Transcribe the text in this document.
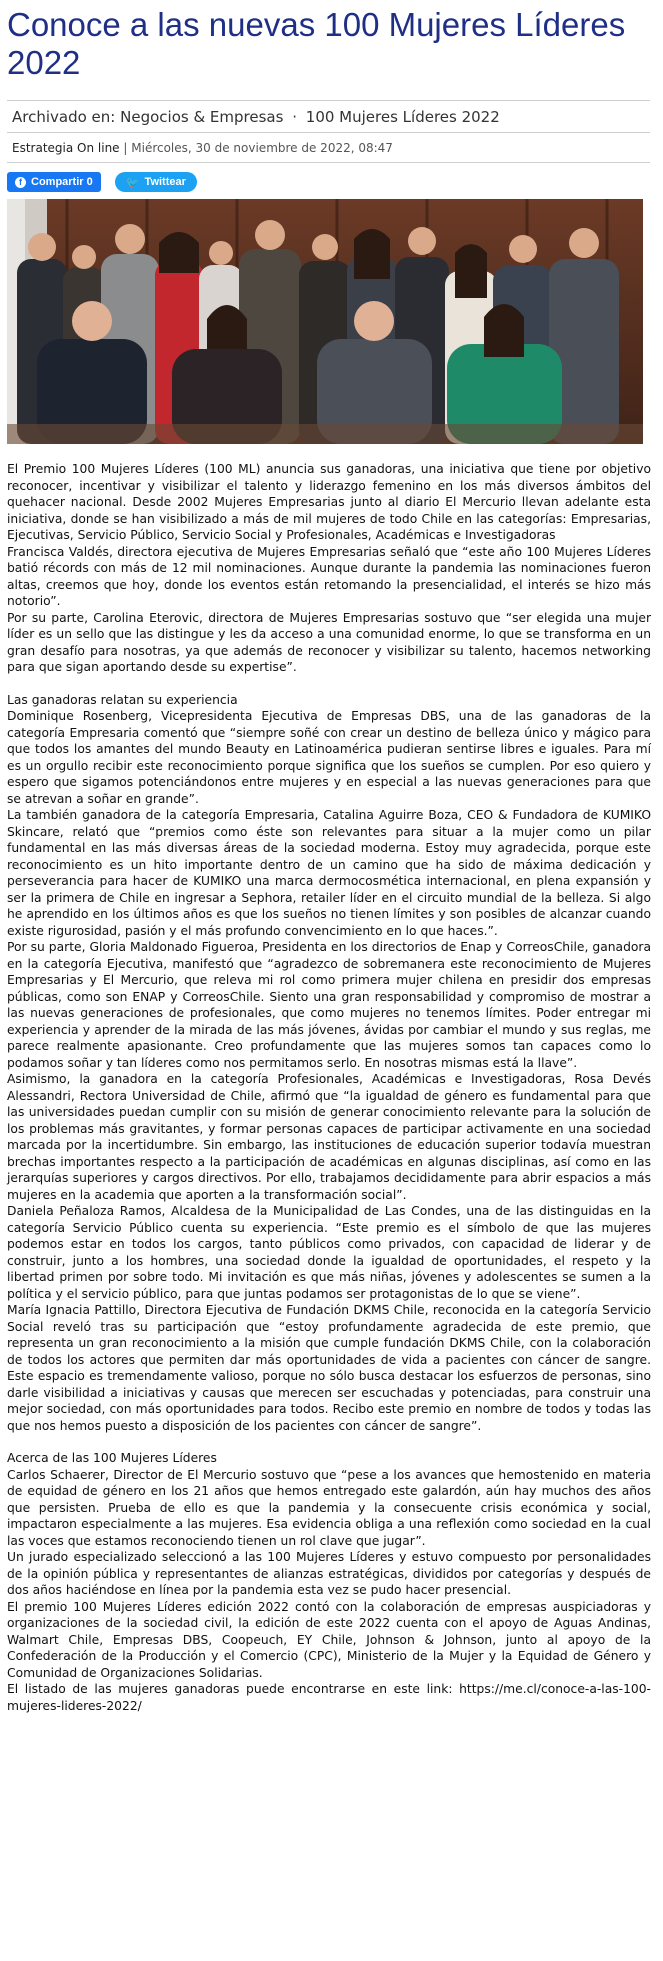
Conoce a las nuevas 100 Mujeres Líderes 2022
Archivado en: Negocios & Empresas · 100 Mujeres Líderes 2022
Estrategia On line | Miércoles, 30 de noviembre de 2022, 08:47
f Compartir 0
	🐦 Twittear

El Premio 100 Mujeres Líderes (100 ML) anuncia sus ganadoras, una iniciativa que tiene por objetivo reconocer, incentivar y visibilizar el talento y liderazgo femenino en los más diversos ámbitos del quehacer nacional. Desde 2002 Mujeres Empresarias junto al diario El Mercurio llevan adelante esta iniciativa, donde se han visibilizado a más de mil mujeres de todo Chile en las categorías: Empresarias, Ejecutivas, Servicio Público, Servicio Social y Profesionales, Académicas e Investigadoras

Francisca Valdés, directora ejecutiva de Mujeres Empresarias señaló que “este año 100 Mujeres Líderes batió récords con más de 12 mil nominaciones. Aunque durante la pandemia las nominaciones fueron altas, creemos que hoy, donde los eventos están retomando la presencialidad, el interés se hizo más notorio”.

Por su parte, Carolina Eterovic, directora de Mujeres Empresarias sostuvo que “ser elegida una mujer líder es un sello que las distingue y les da acceso a una comunidad enorme, lo que se transforma en un gran desafío para nosotras, ya que además de reconocer y visibilizar su talento, hacemos networking para que sigan aportando desde su expertise”.

Las ganadoras relatan su experiencia

Dominique Rosenberg, Vicepresidenta Ejecutiva de Empresas DBS, una de las ganadoras de la categoría Empresaria comentó que “siempre soñé con crear un destino de belleza único y mágico para que todos los amantes del mundo Beauty en Latinoamérica pudieran sentirse libres e iguales. Para mí es un orgullo recibir este reconocimiento porque significa que los sueños se cumplen. Por eso quiero y espero que sigamos potenciándonos entre mujeres y en especial a las nuevas generaciones para que se atrevan a soñar en grande”.

La también ganadora de la categoría Empresaria, Catalina Aguirre Boza, CEO & Fundadora de KUMIKO Skincare, relató que “premios como éste son relevantes para situar a la mujer como un pilar fundamental en las más diversas áreas de la sociedad moderna. Estoy muy agradecida, porque este reconocimiento es un hito importante dentro de un camino que ha sido de máxima dedicación y perseverancia para hacer de KUMIKO una marca dermocosmética internacional, en plena expansión y ser la primera de Chile en ingresar a Sephora, retailer líder en el circuito mundial de la belleza. Si algo he aprendido en los últimos años es que los sueños no tienen límites y son posibles de alcanzar cuando existe rigurosidad, pasión y el más profundo convencimiento en lo que haces.”.

Por su parte, Gloria Maldonado Figueroa, Presidenta en los directorios de Enap y CorreosChile, ganadora en la categoría Ejecutiva, manifestó que “agradezco de sobremanera este reconocimiento de Mujeres Empresarias y El Mercurio, que releva mi rol como primera mujer chilena en presidir dos empresas públicas, como son ENAP y CorreosChile. Siento una gran responsabilidad y compromiso de mostrar a las nuevas generaciones de profesionales, que como mujeres no tenemos límites. Poder entregar mi experiencia y aprender de la mirada de las más jóvenes, ávidas por cambiar el mundo y sus reglas, me parece realmente apasionante. Creo profundamente que las mujeres somos tan capaces como lo podamos soñar y tan líderes como nos permitamos serlo. En nosotras mismas está la llave”.

Asimismo, la ganadora en la categoría Profesionales, Académicas e Investigadoras, Rosa Devés Alessandri, Rectora Universidad de Chile, afirmó que “la igualdad de género es fundamental para que las universidades puedan cumplir con su misión de generar conocimiento relevante para la solución de los problemas más gravitantes, y formar personas capaces de participar activamente en una sociedad marcada por la incertidumbre. Sin embargo, las instituciones de educación superior todavía muestran brechas importantes respecto a la participación de académicas en algunas disciplinas, así como en las jerarquías superiores y cargos directivos. Por ello, trabajamos decididamente para abrir espacios a más mujeres en la academia que aporten a la transformación social”.

Daniela Peñaloza Ramos, Alcaldesa de la Municipalidad de Las Condes, una de las distinguidas en la categoría Servicio Público cuenta su experiencia. “Este premio es el símbolo de que las mujeres podemos estar en todos los cargos, tanto públicos como privados, con capacidad de liderar y de construir, junto a los hombres, una sociedad donde la igualdad de oportunidades, el respeto y la libertad primen por sobre todo. Mi invitación es que más niñas, jóvenes y adolescentes se sumen a la política y el servicio público, para que juntas podamos ser protagonistas de lo que se viene”.

María Ignacia Pattillo, Directora Ejecutiva de Fundación DKMS Chile, reconocida en la categoría Servicio Social reveló tras su participación que “estoy profundamente agradecida de este premio, que representa un gran reconocimiento a la misión que cumple fundación DKMS Chile, con la colaboración de todos los actores que permiten dar más oportunidades de vida a pacientes con cáncer de sangre. Este espacio es tremendamente valioso, porque no sólo busca destacar los esfuerzos de personas, sino darle visibilidad a iniciativas y causas que merecen ser escuchadas y potenciadas, para construir una mejor sociedad, con más oportunidades para todos. Recibo este premio en nombre de todos y todas las que nos hemos puesto a disposición de los pacientes con cáncer de sangre”.

Acerca de las 100 Mujeres Líderes

Carlos Schaerer, Director de El Mercurio sostuvo que “pese a los avances que hemostenido en materia de equidad de género en los 21 años que hemos entregado este galardón, aún hay muchos des años que persisten. Prueba de ello es que la pandemia y la consecuente crisis económica y social, impactaron especialmente a las mujeres. Esa evidencia obliga a una reflexión como sociedad en la cual las voces que estamos reconociendo tienen un rol clave que jugar”.

Un jurado especializado seleccionó a las 100 Mujeres Líderes y estuvo compuesto por personalidades de la opinión pública y representantes de alianzas estratégicas, divididos por categorías y después de dos años haciéndose en línea por la pandemia esta vez se pudo hacer presencial.

El premio 100 Mujeres Líderes edición 2022 contó con la colaboración de empresas auspiciadoras y organizaciones de la sociedad civil, la edición de este 2022 cuenta con el apoyo de Aguas Andinas, Walmart Chile, Empresas DBS, Coopeuch, EY Chile, Johnson & Johnson, junto al apoyo de la Confederación de la Producción y el Comercio (CPC), Ministerio de la Mujer y la Equidad de Género y Comunidad de Organizaciones Solidarias.

El listado de las mujeres ganadoras puede encontrarse en este link: https://me.cl/conoce-a-las-100-mujeres-lideres-2022/
